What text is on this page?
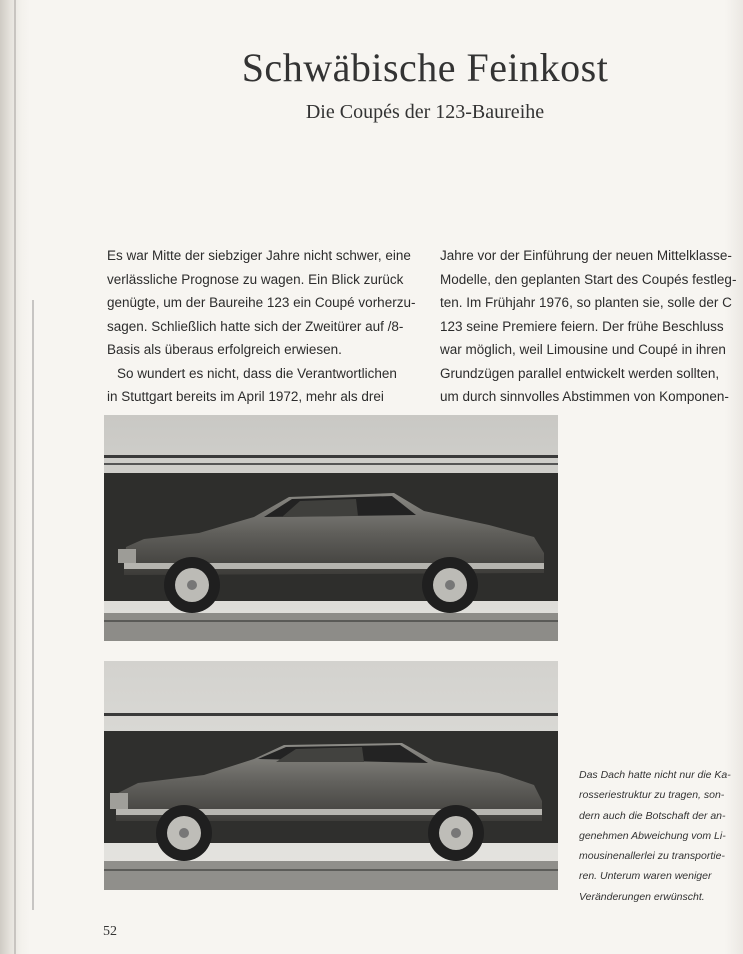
Schwäbische Feinkost
Die Coupés der 123-Baureihe
Es war Mitte der siebziger Jahre nicht schwer, eine
verlässliche Prognose zu wagen. Ein Blick zurück
genügte, um der Baureihe 123 ein Coupé vorherzu-
sagen. Schließlich hatte sich der Zweitürer auf /8-
Basis als überaus erfolgreich erwiesen.
So wundert es nicht, dass die Verantwortlichen
in Stuttgart bereits im April 1972, mehr als drei
Jahre vor der Einführung der neuen Mittelklasse-
Modelle, den geplanten Start des Coupés festleg-
ten. Im Frühjahr 1976, so planten sie, solle der C
123 seine Premiere feiern. Der frühe Beschluss
war möglich, weil Limousine und Coupé in ihren
Grundzügen parallel entwickelt werden sollten,
um durch sinnvolles Abstimmen von Komponen-
Das Dach hatte nicht nur die Ka-
rosseriestruktur zu tragen, son-
dern auch die Botschaft der an-
genehmen Abweichung vom Li-
mousinenallerlei zu transportie-
ren. Unterum waren weniger
Veränderungen erwünscht.
52
